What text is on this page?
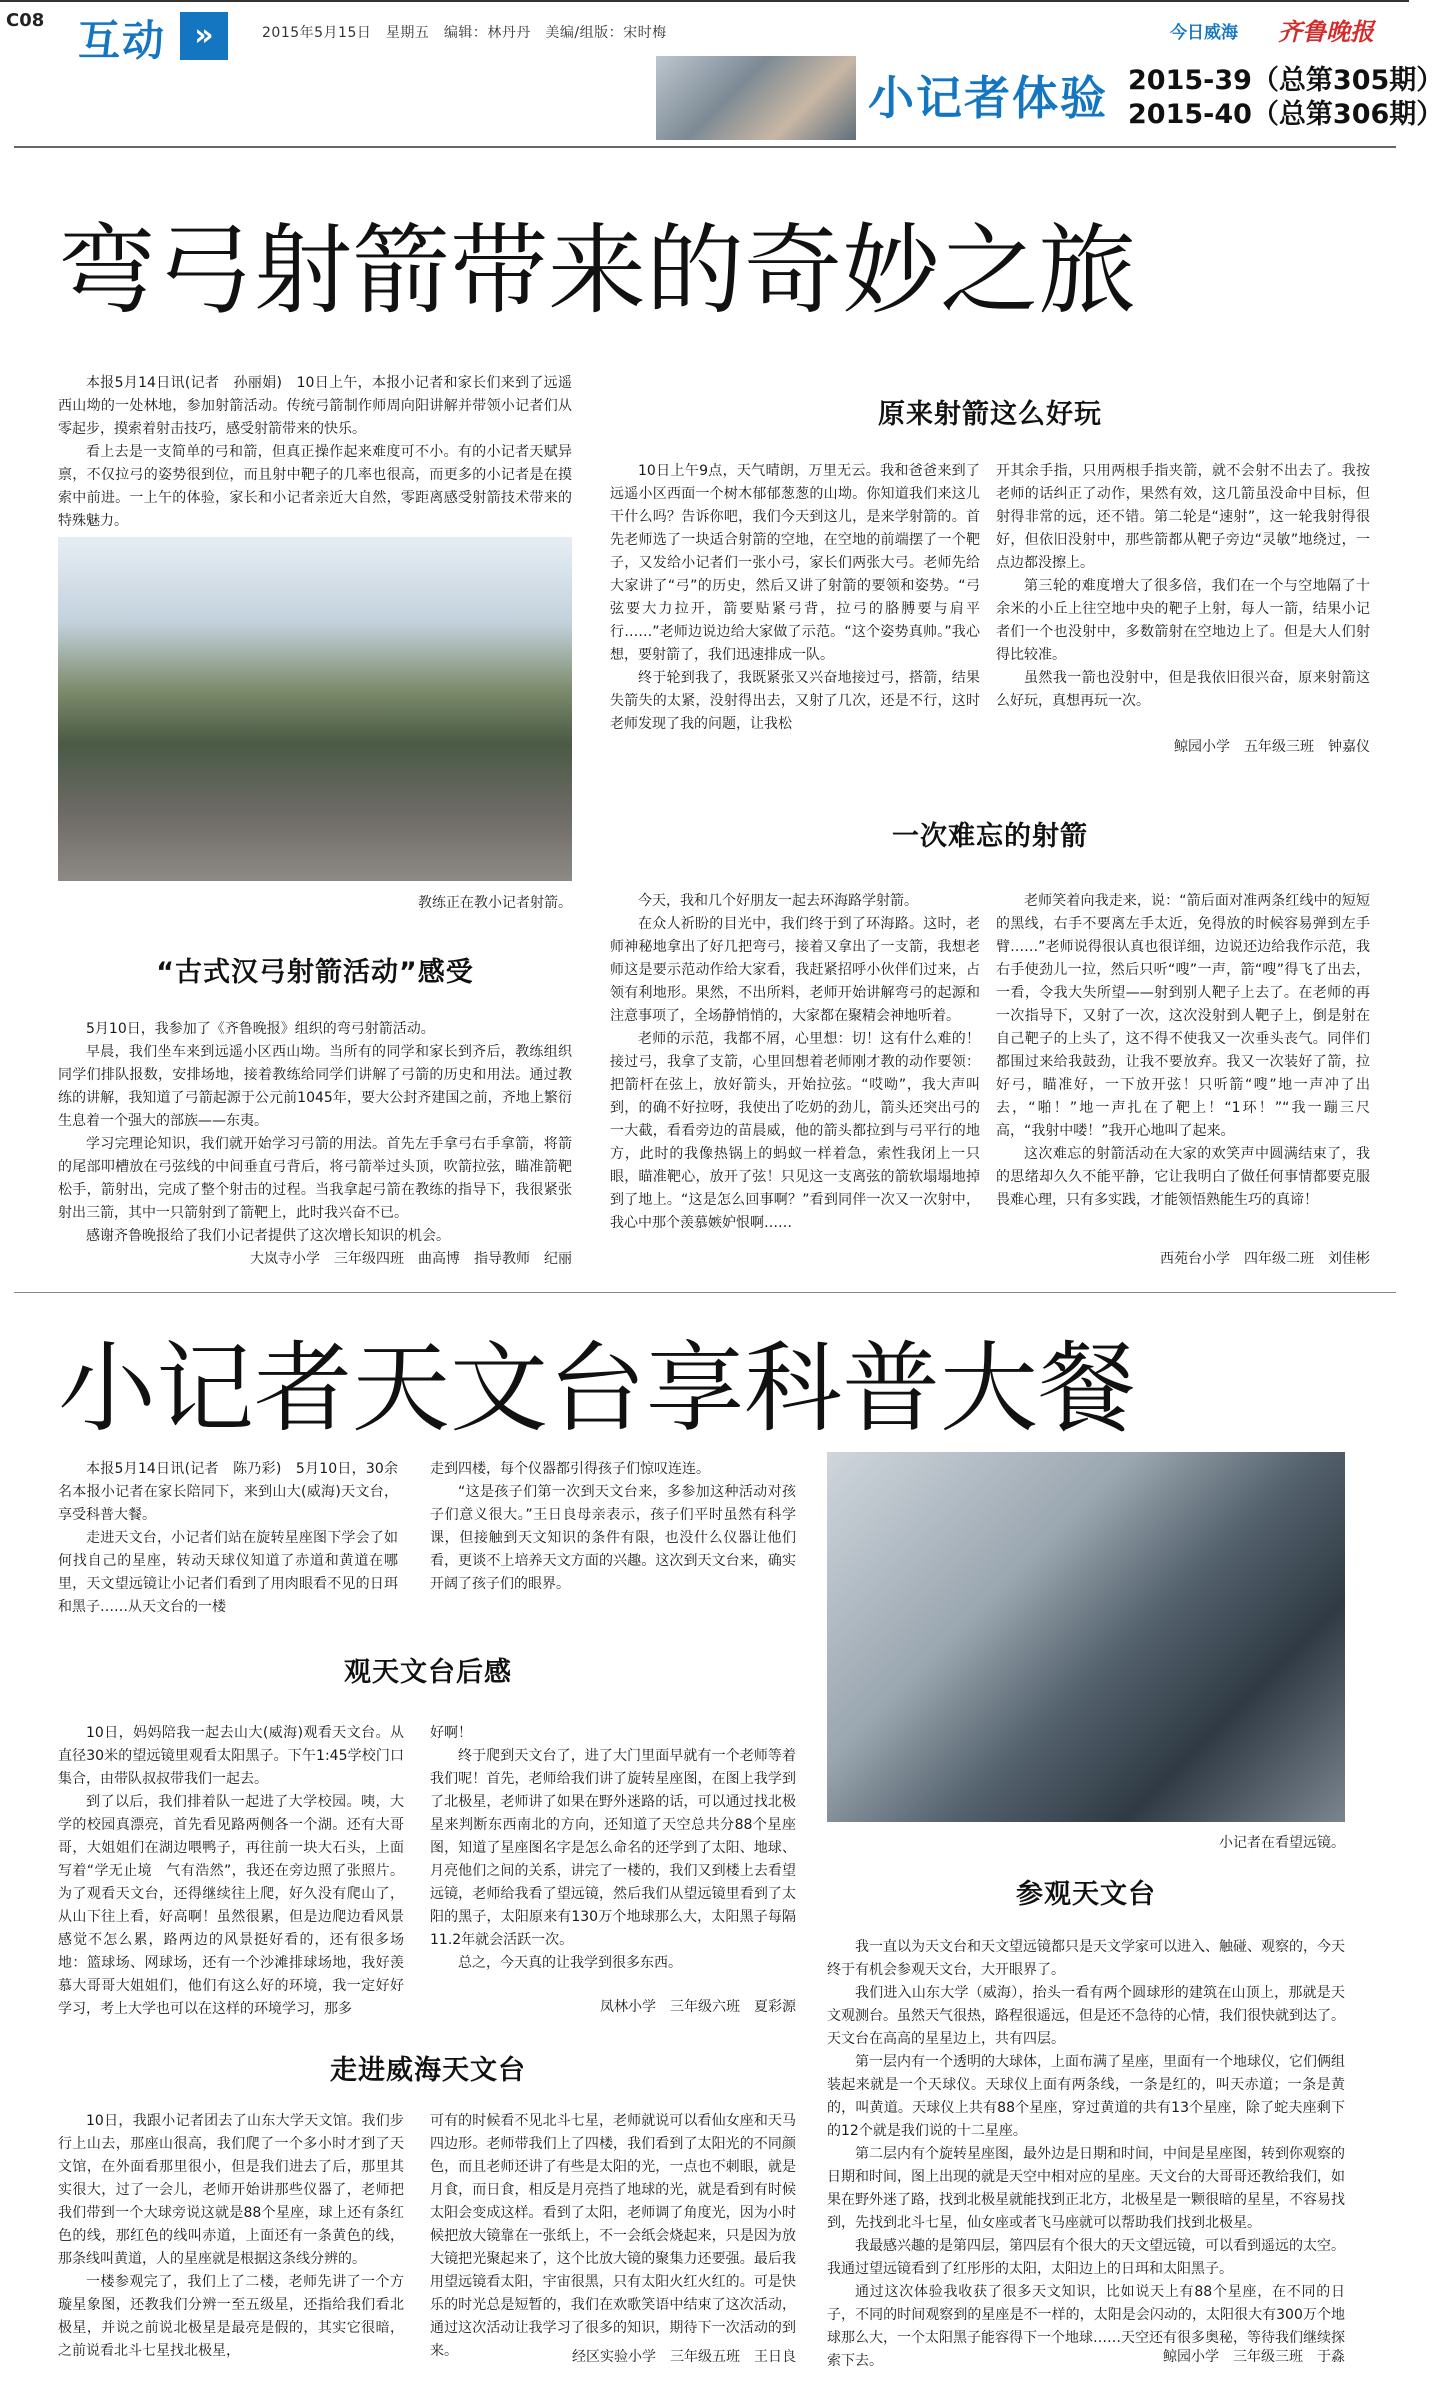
C08 互动 »	2015年5月15日　星期五　编辑：林丹丹　美编/组版：宋时梅	今日威海 齐鲁晚报
小记者体验 2015-39（总第305期）
2015-40（总第306期）
弯弓射箭带来的奇妙之旅

本报5月14日讯(记者　孙丽娟)　10日上午，本报小记者和家长们来到了远遥西山坳的一处林地，参加射箭活动。传统弓箭制作师周向阳讲解并带领小记者们从零起步，摸索着射击技巧，感受射箭带来的快乐。

看上去是一支简单的弓和箭，但真正操作起来难度可不小。有的小记者天赋异禀，不仅拉弓的姿势很到位，而且射中靶子的几率也很高，而更多的小记者是在摸索中前进。一上午的体验，家长和小记者亲近大自然，零距离感受射箭技术带来的特殊魅力。

教练正在教小记者射箭。
“古式汉弓射箭活动”感受

5月10日，我参加了《齐鲁晚报》组织的弯弓射箭活动。

早晨，我们坐车来到远遥小区西山坳。当所有的同学和家长到齐后，教练组织同学们排队报数，安排场地，接着教练给同学们讲解了弓箭的历史和用法。通过教练的讲解，我知道了弓箭起源于公元前1045年，要大公封齐建国之前，齐地上繁衍生息着一个强大的部族——东夷。

学习完理论知识，我们就开始学习弓箭的用法。首先左手拿弓右手拿箭，将箭的尾部叩槽放在弓弦线的中间垂直弓背后，将弓箭举过头顶，吹箭拉弦，瞄准箭靶松手，箭射出，完成了整个射击的过程。当我拿起弓箭在教练的指导下，我很紧张射出三箭，其中一只箭射到了箭靶上，此时我兴奋不已。

感谢齐鲁晚报给了我们小记者提供了这次增长知识的机会。

大岚寺小学　三年级四班　曲高博　指导教师　纪丽
原来射箭这么好玩

10日上午9点，天气晴朗，万里无云。我和爸爸来到了远遥小区西面一个树木郁郁葱葱的山坳。你知道我们来这儿干什么吗？告诉你吧，我们今天到这儿，是来学射箭的。首先老师选了一块适合射箭的空地，在空地的前端摆了一个靶子，又发给小记者们一张小弓，家长们两张大弓。老师先给大家讲了“弓”的历史，然后又讲了射箭的要领和姿势。“弓弦要大力拉开，箭要贴紧弓背，拉弓的胳膊要与肩平行……”老师边说边给大家做了示范。“这个姿势真帅。”我心想，要射箭了，我们迅速排成一队。

终于轮到我了，我既紧张又兴奋地接过弓，搭箭，结果失箭失的太紧，没射得出去，又射了几次，还是不行，这时老师发现了我的问题，让我松

开其余手指，只用两根手指夹箭，就不会射不出去了。我按老师的话纠正了动作，果然有效，这几箭虽没命中目标，但射得非常的远，还不错。第二轮是“速射”，这一轮我射得很好，但依旧没射中，那些箭都从靶子旁边“灵敏”地绕过，一点边都没擦上。

第三轮的难度增大了很多倍，我们在一个与空地隔了十余米的小丘上往空地中央的靶子上射，每人一箭，结果小记者们一个也没射中，多数箭射在空地边上了。但是大人们射得比较准。

虽然我一箭也没射中，但是我依旧很兴奋，原来射箭这么好玩，真想再玩一次。

鲸园小学　五年级三班　钟嘉仪
一次难忘的射箭

今天，我和几个好朋友一起去环海路学射箭。

在众人祈盼的目光中，我们终于到了环海路。这时，老师神秘地拿出了好几把弯弓，接着又拿出了一支箭，我想老师这是要示范动作给大家看，我赶紧招呼小伙伴们过来，占领有利地形。果然，不出所料，老师开始讲解弯弓的起源和注意事项了，全场静悄悄的，大家都在聚精会神地听着。

老师的示范，我都不屑，心里想：切！这有什么难的！接过弓，我拿了支箭，心里回想着老师刚才教的动作要领：把箭杆在弦上，放好箭头，开始拉弦。“哎呦”，我大声叫到，的确不好拉呀，我使出了吃奶的劲儿，箭头还突出弓的一大截，看看旁边的苗晨威，他的箭头都拉到与弓平行的地方，此时的我像热锅上的蚂蚁一样着急，索性我闭上一只眼，瞄准靶心，放开了弦！只见这一支离弦的箭软塌塌地掉到了地上。“这是怎么回事啊？”看到同伴一次又一次射中，我心中那个羡慕嫉妒恨啊……

老师笑着向我走来，说：“箭后面对准两条红线中的短短的黑线，右手不要离左手太近，免得放的时候容易弹到左手臂……”老师说得很认真也很详细，边说还边给我作示范，我右手使劲儿一拉，然后只听“嗖”一声，箭“嗖”得飞了出去，一看，令我大失所望——射到别人靶子上去了。在老师的再一次指导下，又射了一次，这次没射到人靶子上，倒是射在自己靶子的上头了，这不得不使我又一次垂头丧气。同伴们都围过来给我鼓劲，让我不要放弃。我又一次装好了箭，拉好弓，瞄准好，一下放开弦！只听箭“嗖”地一声冲了出去，“啪！”地一声扎在了靶上！“1环！”“我一蹦三尺高，“我射中喽！”我开心地叫了起来。

这次难忘的射箭活动在大家的欢笑声中圆满结束了，我的思绪却久久不能平静，它让我明白了做任何事情都要克服畏难心理，只有多实践，才能领悟熟能生巧的真谛！

西苑台小学　四年级二班　刘佳彬
小记者天文台享科普大餐

本报5月14日讯(记者　陈乃彩)　5月10日，30余名本报小记者在家长陪同下，来到山大(威海)天文台，享受科普大餐。

走进天文台，小记者们站在旋转星座图下学会了如何找自己的星座，转动天球仪知道了赤道和黄道在哪里，天文望远镜让小记者们看到了用肉眼看不见的日珥和黑子……从天文台的一楼

走到四楼，每个仪器都引得孩子们惊叹连连。

“这是孩子们第一次到天文台来，多参加这种活动对孩子们意义很大。”王日良母亲表示，孩子们平时虽然有科学课，但接触到天文知识的条件有限，也没什么仪器让他们看，更谈不上培养天文方面的兴趣。这次到天文台来，确实开阔了孩子们的眼界。

小记者在看望远镜。
观天文台后感

10日，妈妈陪我一起去山大(威海)观看天文台。从直径30米的望远镜里观看太阳黑子。下午1:45学校门口集合，由带队叔叔带我们一起去。

到了以后，我们排着队一起进了大学校园。咦，大学的校园真漂亮，首先看见路两侧各一个湖。还有大哥哥，大姐姐们在湖边喂鸭子，再往前一块大石头，上面写着“学无止境　气有浩然”，我还在旁边照了张照片。为了观看天文台，还得继续往上爬，好久没有爬山了，从山下往上看，好高啊！虽然很累，但是边爬边看风景感觉不怎么累，路两边的风景挺好看的，还有很多场地：篮球场、网球场，还有一个沙滩排球场地，我好羡慕大哥哥大姐姐们，他们有这么好的环境，我一定好好学习，考上大学也可以在这样的环境学习，那多

好啊！

终于爬到天文台了，进了大门里面早就有一个老师等着我们呢！首先，老师给我们讲了旋转星座图，在图上我学到了北极星，老师讲了如果在野外迷路的话，可以通过找北极星来判断东西南北的方向，还知道了天空总共分88个星座图，知道了星座图名字是怎么命名的还学到了太阳、地球、月亮他们之间的关系，讲完了一楼的，我们又到楼上去看望远镜，老师给我看了望远镜，然后我们从望远镜里看到了太阳的黑子，太阳原来有130万个地球那么大，太阳黑子每隔11.2年就会活跃一次。

总之，今天真的让我学到很多东西。

凤林小学　三年级六班　夏彩源
走进威海天文台

10日，我跟小记者团去了山东大学天文馆。我们步行上山去，那座山很高，我们爬了一个多小时才到了天文馆，在外面看那里很小，但是我们进去了后，那里其实很大，过了一会儿，老师开始讲那些仪器了，老师把我们带到一个大球旁说这就是88个星座，球上还有条红色的线，那红色的线叫赤道，上面还有一条黄色的线，那条线叫黄道，人的星座就是根据这条线分辨的。

一楼参观完了，我们上了二楼，老师先讲了一个方璇星象图，还教我们分辨一至五级星，还指给我们看北极星，并说之前说北极星是最亮是假的，其实它很暗，之前说看北斗七星找北极星，

可有的时候看不见北斗七星，老师就说可以看仙女座和天马四边形。老师带我们上了四楼，我们看到了太阳光的不同颜色，而且老师还讲了有些是太阳的光，一点也不刺眼，就是月食，而日食，相反是月亮挡了地球的光，就是看到有时候太阳会变成这样。看到了太阳，老师调了角度光，因为小时候把放大镜靠在一张纸上，不一会纸会烧起来，只是因为放大镜把光聚起来了，这个比放大镜的聚集力还要强。最后我用望远镜看太阳，宇宙很黑，只有太阳火红火红的。可是快乐的时光总是短暂的，我们在欢歌笑语中结束了这次活动，通过这次活动让我学习了很多的知识，期待下一次活动的到来。	经区实验小学　三年级五班　王日良
参观天文台

我一直以为天文台和天文望远镜都只是天文学家可以进入、触碰、观察的，今天终于有机会参观天文台，大开眼界了。

我们进入山东大学（威海），抬头一看有两个圆球形的建筑在山顶上，那就是天文观测台。虽然天气很热，路程很遥远，但是还不急待的心情，我们很快就到达了。天文台在高高的星星边上，共有四层。

第一层内有一个透明的大球体，上面布满了星座，里面有一个地球仪，它们俩组装起来就是一个天球仪。天球仪上面有两条线，一条是红的，叫天赤道；一条是黄的，叫黄道。天球仪上共有88个星座，穿过黄道的共有13个星座，除了蛇夫座剩下的12个就是我们说的十二星座。

第二层内有个旋转星座图，最外边是日期和时间，中间是星座图，转到你观察的日期和时间，图上出现的就是天空中相对应的星座。天文台的大哥哥还教给我们，如果在野外迷了路，找到北极星就能找到正北方，北极星是一颗很暗的星星，不容易找到，先找到北斗七星，仙女座或者飞马座就可以帮助我们找到北极星。

我最感兴趣的是第四层，第四层有个很大的天文望远镜，可以看到遥远的太空。我通过望远镜看到了红彤彤的太阳，太阳边上的日珥和太阳黑子。

通过这次体验我收获了很多天文知识，比如说天上有88个星座，在不同的日子，不同的时间观察到的星座是不一样的，太阳是会闪动的，太阳很大有300万个地球那么大，一个太阳黑子能容得下一个地球……天空还有很多奥秘，等待我们继续探索下去。	鲸园小学　三年级三班　于淼
